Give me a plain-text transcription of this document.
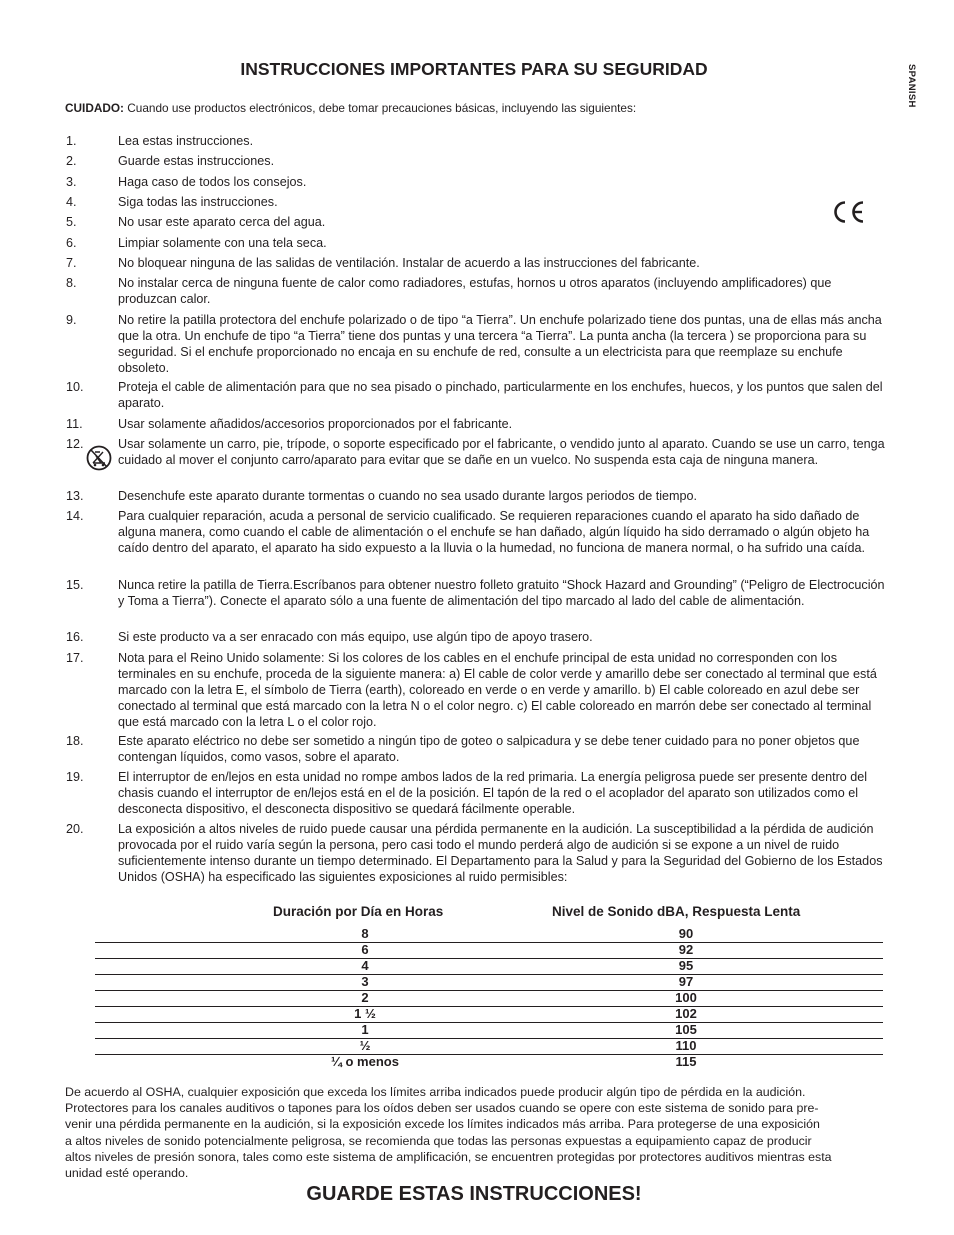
INSTRUCCIONES IMPORTANTES PARA SU SEGURIDAD	SPANISH
CUIDADO: Cuando use productos electrónicos, debe tomar precauciones básicas, incluyendo las siguientes:
1.	Lea estas instrucciones.
2.	Guarde estas instrucciones.
3.	Haga caso de todos los consejos.
4.	Siga todas las instrucciones.
5.	No usar este aparato cerca del agua.
6.	Limpiar solamente con una tela seca.
7.	No bloquear ninguna de las salidas de ventilación. Instalar de acuerdo a las instrucciones del fabricante.
8.	No instalar cerca de ninguna fuente de calor como radiadores, estufas, hornos u otros aparatos (incluyendo amplificadores) que produzcan calor.
9.	No retire la patilla protectora del enchufe polarizado o de tipo “a Tierra”. Un enchufe polarizado tiene dos puntas, una de ellas más ancha que la otra. Un enchufe de tipo “a Tierra” tiene dos puntas y una tercera “a Tierra”. La punta ancha (la tercera ) se proporciona para su seguridad. Si el enchufe proporcionado no encaja en su enchufe de red, consulte a un electricista para que reemplaze su enchufe obsoleto.
10.	Proteja el cable de alimentación para que no sea pisado o pinchado, particularmente en los enchufes, huecos, y los puntos que salen del aparato.
11.	Usar solamente añadidos/accesorios proporcionados por el fabricante.
12.	Usar solamente un carro, pie, trípode, o soporte especificado por el fabricante, o vendido junto al aparato. Cuando se use un carro, tenga cuidado al mover el conjunto carro/aparato para evitar que se dañe en un vuelco. No suspenda esta caja de ninguna manera.
13.	Desenchufe este aparato durante tormentas o cuando no sea usado durante largos periodos de tiempo.
14.	Para cualquier reparación, acuda a personal de servicio cualificado. Se requieren reparaciones cuando el aparato ha sido dañado de alguna manera, como cuando el cable de alimentación o el enchufe se han dañado, algún líquido ha sido derramado o algún objeto ha caído dentro del aparato, el aparato ha sido expuesto a la lluvia o la humedad, no funciona de manera normal, o ha sufrido una caída.
15.	Nunca retire la patilla de Tierra.Escríbanos para obtener nuestro folleto gratuito “Shock Hazard and Grounding” (“Peligro de Electrocución y Toma a Tierra”). Conecte el aparato sólo a una fuente de alimentación del tipo marcado al lado del cable de alimentación.
16.	Si este producto va a ser enracado con más equipo, use algún tipo de apoyo trasero.
17.	Nota para el Reino Unido solamente: Si los colores de los cables en el enchufe principal de esta unidad no corresponden con los terminales en su enchufe, proceda de la siguiente manera: a) El cable de color verde y amarillo debe ser conectado al terminal que está marcado con la letra E, el símbolo de Tierra (earth), coloreado en verde o en verde y amarillo. b) El cable coloreado en azul debe ser conectado al terminal que está marcado con la letra N o el color negro. c) El cable coloreado en marrón debe ser conectado al terminal que está marcado con la letra L o el color rojo.
18.	Este aparato eléctrico no debe ser sometido a ningún tipo de goteo o salpicadura y se debe tener cuidado para no poner objetos que contengan líquidos, como vasos, sobre el aparato.
19.	El interruptor de en/lejos en esta unidad no rompe ambos lados de la red primaria. La energía peligrosa puede ser presente dentro del chasis cuando el interruptor de en/lejos está en el de la posición. El tapón de la red o el acoplador del aparato son utilizados como el desconecta dispositivo, el desconecta dispositivo se quedará fácilmente operable.
20.	La exposición a altos niveles de ruido puede causar una pérdida permanente en la audición. La susceptibilidad a la pérdida de audición provocada por el ruido varía según la persona, pero casi todo el mundo perderá algo de audición si se expone a un nivel de ruido suficientemente intenso durante un tiempo determinado. El Departamento para la Salud y para la Seguridad del Gobierno de los Estados Unidos (OSHA) ha especificado las siguientes exposiciones al ruido permisibles:
Duración por Día en Horas	Nivel de Sonido dBA, Respuesta Lenta
8	90
6	92
4	95
3	97
2	100
1 ½	102
1	105
½	110
¼ o menos	115
De acuerdo al OSHA, cualquier exposición que exceda los límites arriba indicados puede producir algún tipo de pérdida en la audición.
Protectores para los canales auditivos o tapones para los oídos deben ser usados cuando se opere con este sistema de sonido para pre-
venir una pérdida permanente en la audición, si la exposición excede los límites indicados más arriba. Para protegerse de una exposición
a altos niveles de sonido potencialmente peligrosa, se recomienda que todas las personas expuestas a equipamiento capaz de producir
altos niveles de presión sonora, tales como este sistema de amplificación, se encuentren protegidas por protectores auditivos mientras esta
unidad esté operando.
GUARDE ESTAS INSTRUCCIONES!
